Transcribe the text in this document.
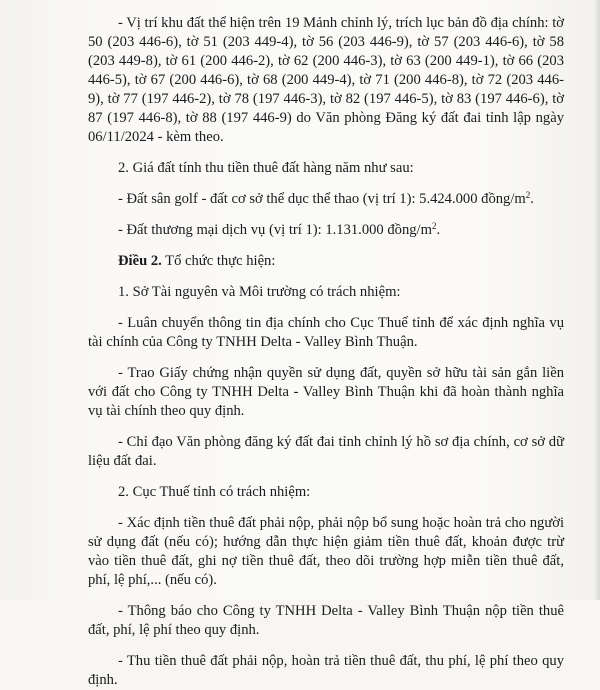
- Vị trí khu đất thể hiện trên 19 Mảnh chỉnh lý, trích lục bản đồ địa chính: tờ 50 (203 446-6), tờ 51 (203 449-4), tờ 56 (203 446-9), tờ 57 (203 446-6), tờ 58 (203 449-8), tờ 61 (200 446-2), tờ 62 (200 446-3), tờ 63 (200 449-1), tờ 66 (203 446-5), tờ 67 (200 446-6), tờ 68 (200 449-4), tờ 71 (200 446-8), tờ 72 (203 446-9), tờ 77 (197 446-2), tờ 78 (197 446-3), tờ 82 (197 446-5), tờ 83 (197 446-6), tờ 87 (197 446-8), tờ 88 (197 446-9) do Văn phòng Đăng ký đất đai tỉnh lập ngày 06/11/2024 - kèm theo.

2. Giá đất tính thu tiền thuê đất hàng năm như sau:

- Đất sân golf - đất cơ sở thể dục thể thao (vị trí 1): 5.424.000 đồng/$m^2$.

- Đất thương mại dịch vụ (vị trí 1): 1.131.000 đồng/$m^2$.

Điều 2. Tổ chức thực hiện:

1. Sở Tài nguyên và Môi trường có trách nhiệm:

- Luân chuyển thông tin địa chính cho Cục Thuế tỉnh để xác định nghĩa vụ tài chính của Công ty TNHH Delta - Valley Bình Thuận.

- Trao Giấy chứng nhận quyền sử dụng đất, quyền sở hữu tài sản gắn liền với đất cho Công ty TNHH Delta - Valley Bình Thuận khi đã hoàn thành nghĩa vụ tài chính theo quy định.

- Chỉ đạo Văn phòng đăng ký đất đai tỉnh chỉnh lý hồ sơ địa chính, cơ sở dữ liệu đất đai.

2. Cục Thuế tỉnh có trách nhiệm:

- Xác định tiền thuê đất phải nộp, phải nộp bổ sung hoặc hoàn trả cho người sử dụng đất (nếu có); hướng dẫn thực hiện giảm tiền thuê đất, khoản được trừ vào tiền thuê đất, ghi nợ tiền thuê đất, theo dõi trường hợp miễn tiền thuê đất, phí, lệ phí,... (nếu có).

- Thông báo cho Công ty TNHH Delta - Valley Bình Thuận nộp tiền thuê đất, phí, lệ phí theo quy định.

- Thu tiền thuê đất phải nộp, hoàn trả tiền thuê đất, thu phí, lệ phí theo quy định.
